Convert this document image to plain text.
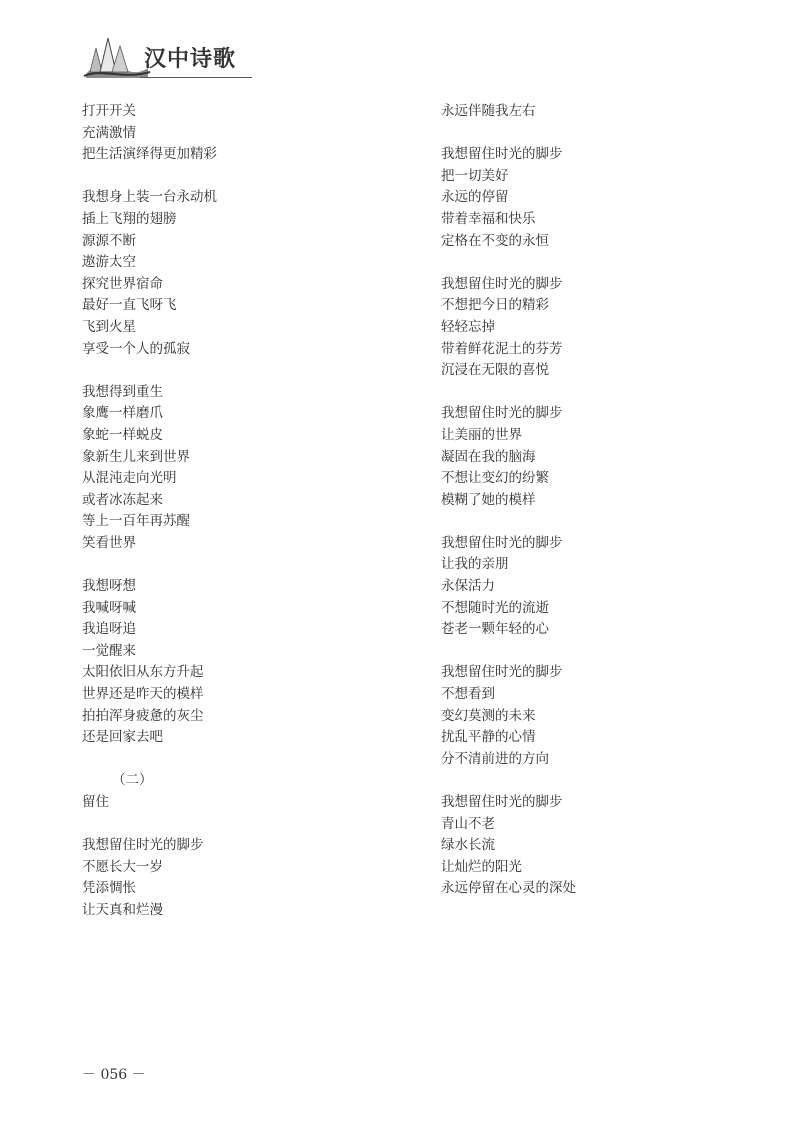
汉中诗歌
打开开关
充满激情
把生活演绎得更加精彩
我想身上装一台永动机
插上飞翔的翅膀
源源不断
遨游太空
探究世界宿命
最好一直飞呀飞
飞到火星
享受一个人的孤寂
我想得到重生
象鹰一样磨爪
象蛇一样蜕皮
象新生儿来到世界
从混沌走向光明
或者冰冻起来
等上一百年再苏醒
笑看世界
我想呀想
我喊呀喊
我追呀追
一觉醒来
太阳依旧从东方升起
世界还是昨天的模样
拍拍浑身疲惫的灰尘
还是回家去吧
（二）
留住
我想留住时光的脚步
不愿长大一岁
凭添惆怅
让天真和烂漫
永远伴随我左右
我想留住时光的脚步
把一切美好
永远的停留
带着幸福和快乐
定格在不变的永恒
我想留住时光的脚步
不想把今日的精彩
轻轻忘掉
带着鲜花泥土的芬芳
沉浸在无限的喜悦
我想留住时光的脚步
让美丽的世界
凝固在我的脑海
不想让变幻的纷繁
模糊了她的模样
我想留住时光的脚步
让我的亲朋
永保活力
不想随时光的流逝
苍老一颗年轻的心
我想留住时光的脚步
不想看到
变幻莫测的未来
扰乱平静的心情
分不清前进的方向
我想留住时光的脚步
青山不老
绿水长流
让灿烂的阳光
永远停留在心灵的深处
－ 056 －
